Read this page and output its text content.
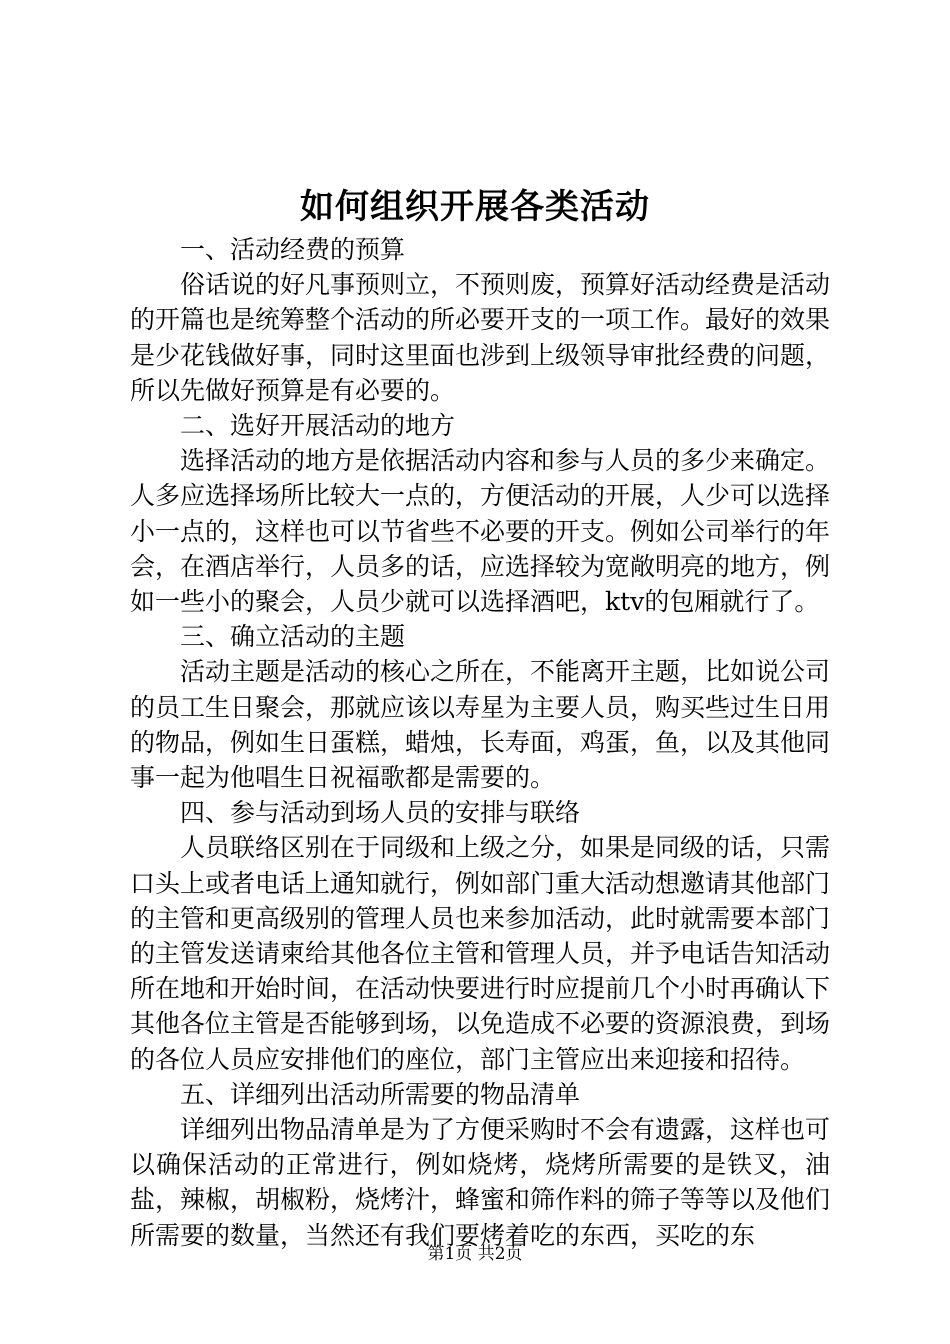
如何组织开展各类活动

一、活动经费的预算

俗话说的好凡事预则立，不预则废，预算好活动经费是活动的开篇也是统筹整个活动的所必要开支的一项工作。最好的效果是少花钱做好事，同时这里面也涉到上级领导审批经费的问题，所以先做好预算是有必要的。

二、选好开展活动的地方

选择活动的地方是依据活动内容和参与人员的多少来确定。人多应选择场所比较大一点的，方便活动的开展，人少可以选择小一点的，这样也可以节省些不必要的开支。例如公司举行的年会，在酒店举行，人员多的话，应选择较为宽敞明亮的地方，例如一些小的聚会，人员少就可以选择酒吧，ktv的包厢就行了。

三、确立活动的主题

活动主题是活动的核心之所在，不能离开主题，比如说公司的员工生日聚会，那就应该以寿星为主要人员，购买些过生日用的物品，例如生日蛋糕，蜡烛，长寿面，鸡蛋，鱼，以及其他同事一起为他唱生日祝福歌都是需要的。

四、参与活动到场人员的安排与联络

人员联络区别在于同级和上级之分，如果是同级的话，只需口头上或者电话上通知就行，例如部门重大活动想邀请其他部门的主管和更高级别的管理人员也来参加活动，此时就需要本部门的主管发送请柬给其他各位主管和管理人员，并予电话告知活动所在地和开始时间，在活动快要进行时应提前几个小时再确认下其他各位主管是否能够到场，以免造成不必要的资源浪费，到场的各位人员应安排他们的座位，部门主管应出来迎接和招待。

五、详细列出活动所需要的物品清单

详细列出物品清单是为了方便采购时不会有遗露，这样也可以确保活动的正常进行，例如烧烤，烧烤所需要的是铁叉，油盐，辣椒，胡椒粉，烧烤汁，蜂蜜和筛作料的筛子等等以及他们所需要的数量，当然还有我们要烤着吃的东西，买吃的东

第1页 共2页
